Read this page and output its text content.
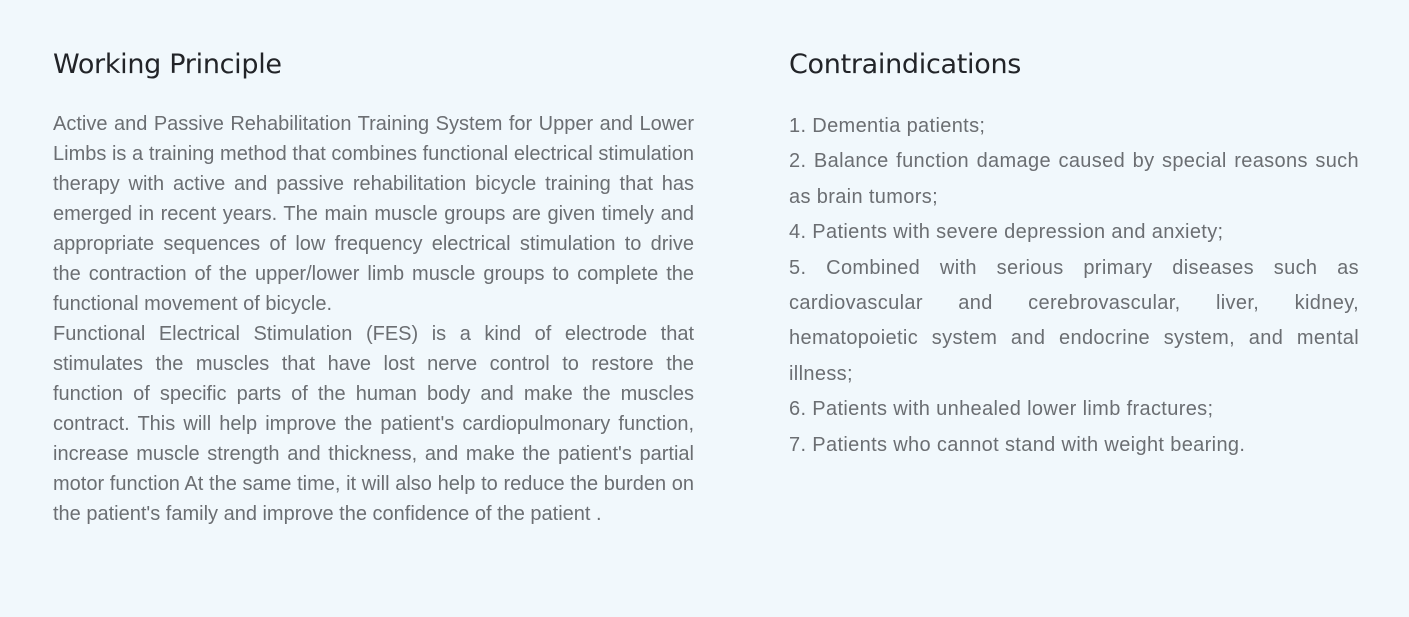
Working Principle

Active and Passive Rehabilitation Training System for Upper and Lower Limbs is a training method that combines functional electrical stimulation therapy with active and passive rehabilitation bicycle training that has emerged in recent years. The main muscle groups are given timely and appropriate sequences of low frequency electrical stimulation to drive the contraction of the upper/lower limb muscle groups to complete the functional movement of bicycle.

Functional Electrical Stimulation (FES) is a kind of electrode that stimulates the muscles that have lost nerve control to restore the function of specific parts of the human body and make the muscles contract. This will help improve the patient's cardiopulmonary function, increase muscle strength and thickness, and make the patient's partial motor function At the same time, it will also help to reduce the burden on the patient's family and improve the confidence of the patient .

Contraindications
1. Dementia patients;
2. Balance function damage caused by special reasons such as brain tumors;
4. Patients with severe depression and anxiety;
5. Combined with serious primary diseases such as cardiovascular and cerebrovascular, liver, kidney, hematopoietic system and endocrine system, and mental illness;
6. Patients with unhealed lower limb fractures;
7. Patients who cannot stand with weight bearing.
